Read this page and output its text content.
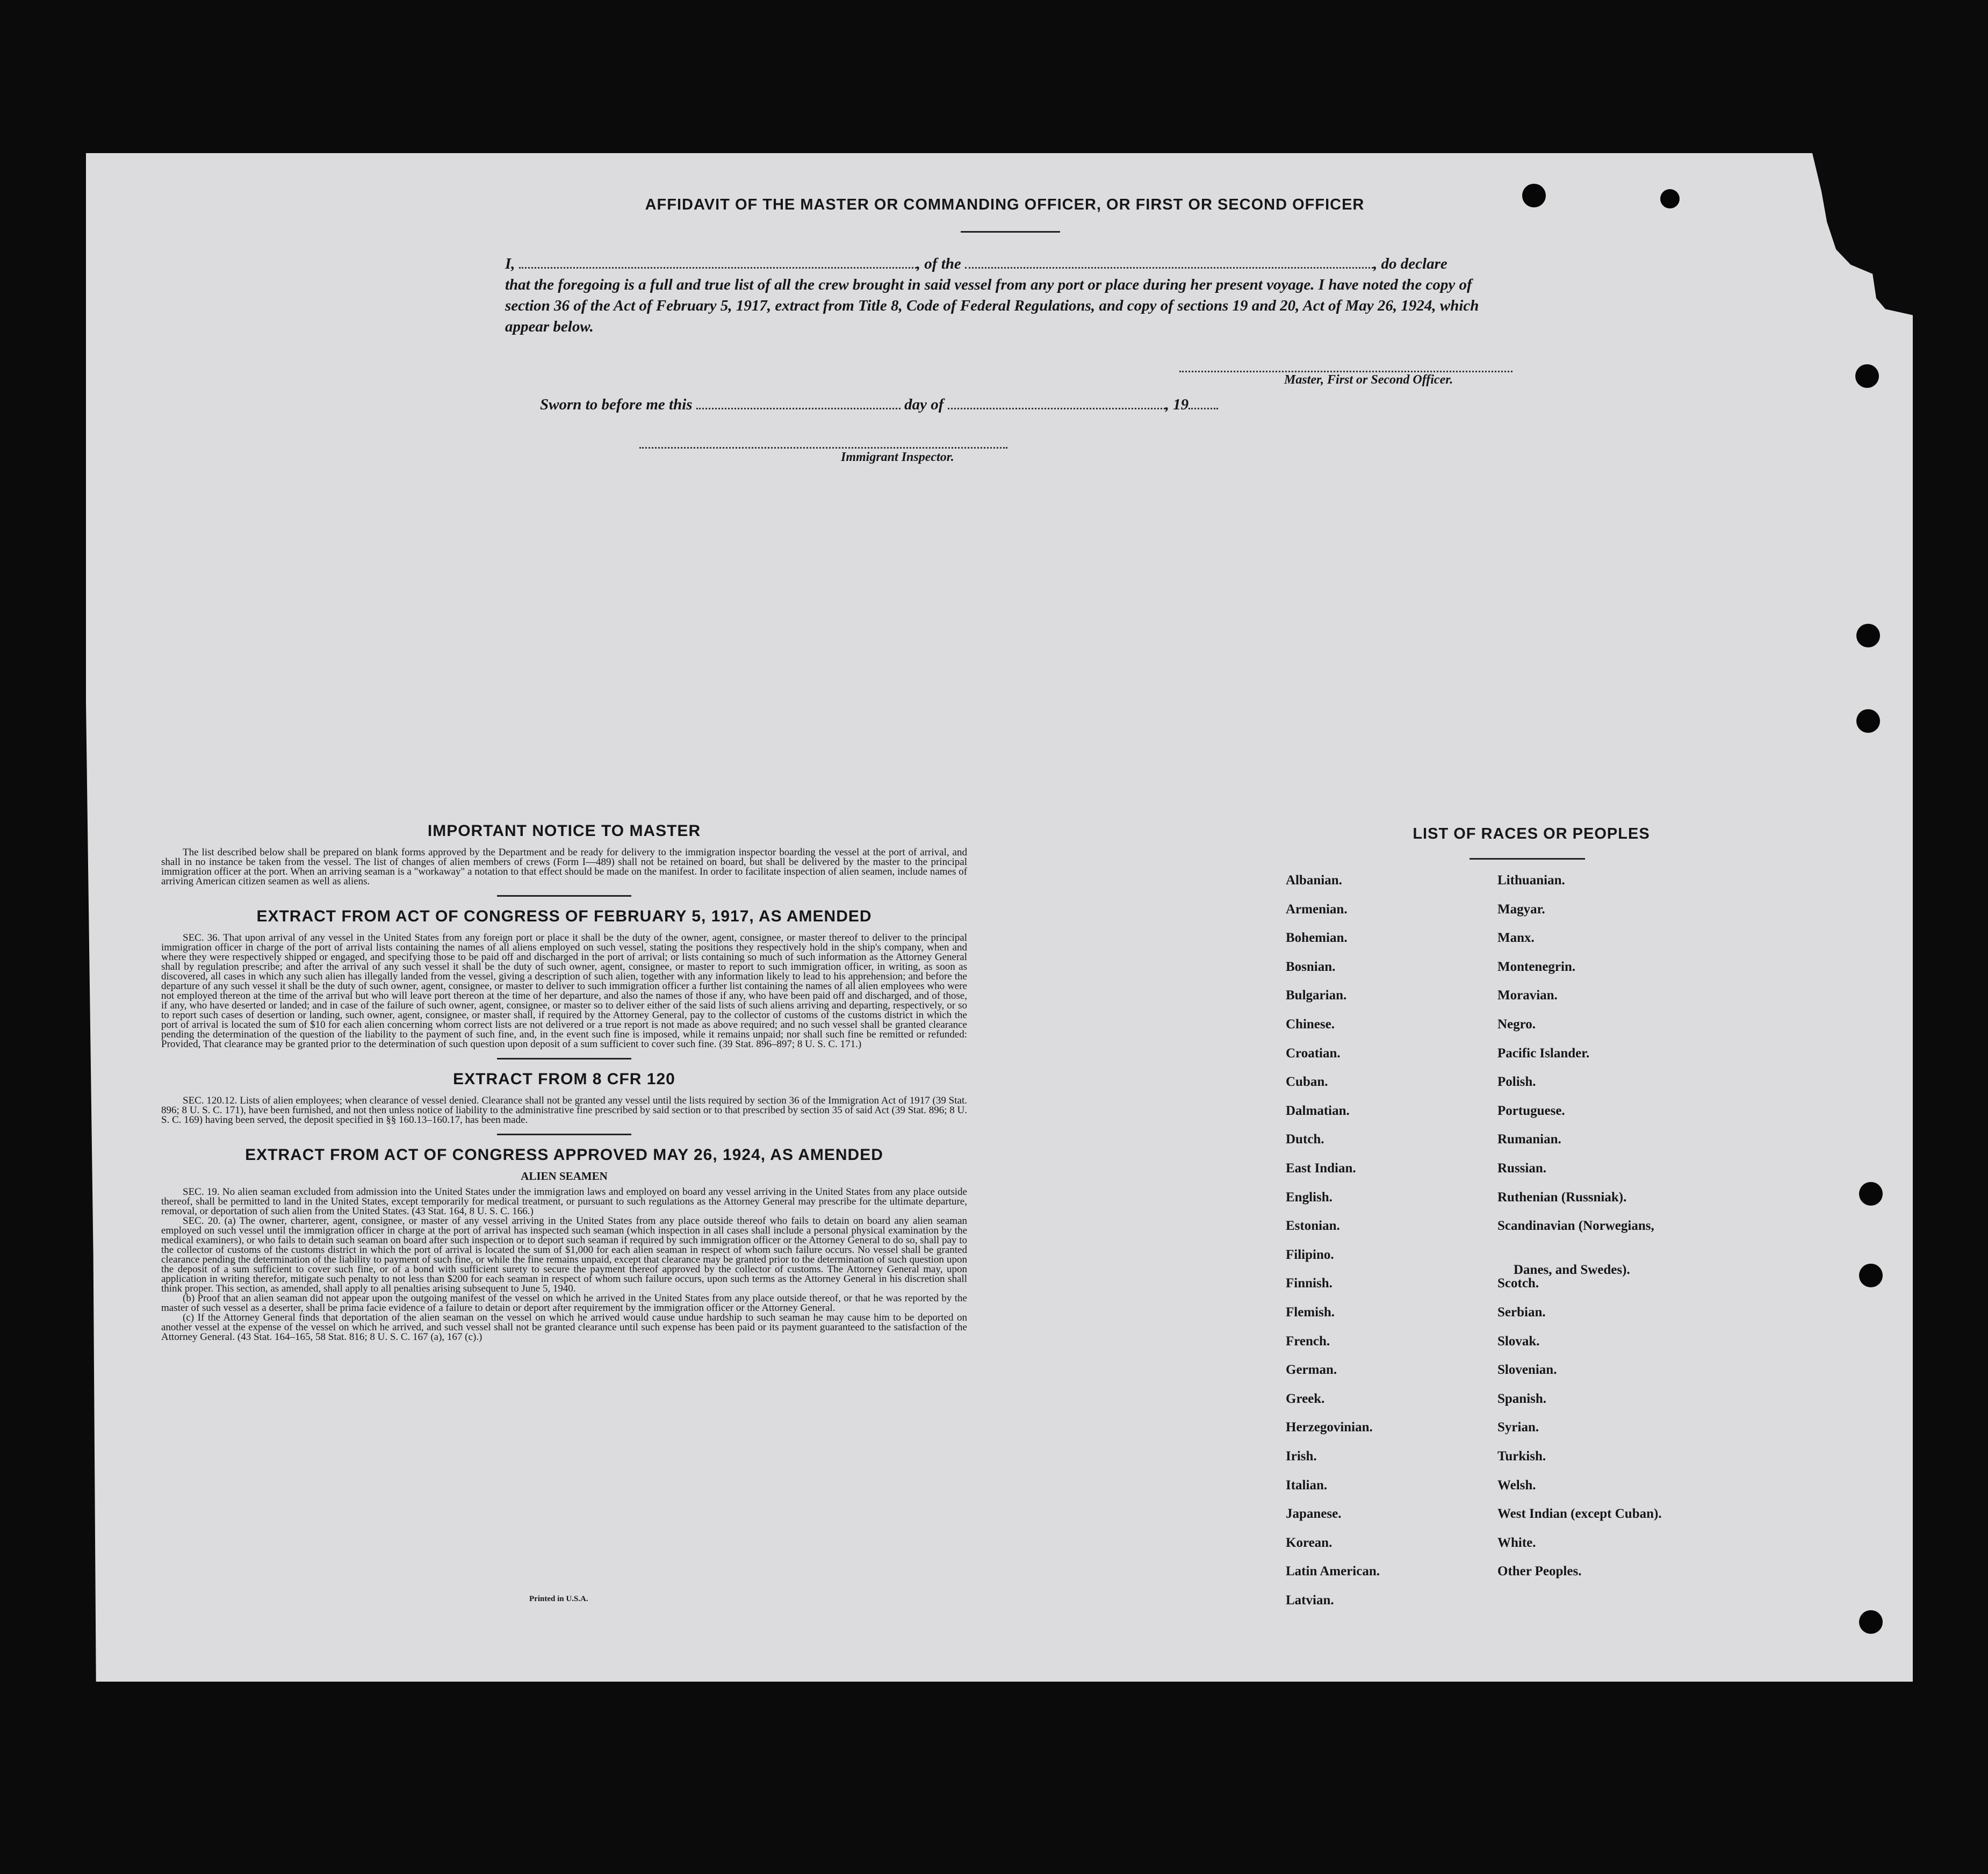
AFFIDAVIT OF THE MASTER OR COMMANDING OFFICER, OR FIRST OR SECOND OFFICER
I,	, of the	, do declare
that the foregoing is a full and true list of all the crew brought in said vessel from any port or place during her present voyage. I have noted the copy of section 36 of the Act of February 5, 1917, extract from Title 8, Code of Federal Regulations, and copy of sections 19 and 20, Act of May 26, 1924, which appear below.
Master, First or Second Officer.
Sworn to before me this	day of	, 19
Immigrant Inspector.
IMPORTANT NOTICE TO MASTER

The list described below shall be prepared on blank forms approved by the Department and be ready for delivery to the immigration inspector boarding the vessel at the port of arrival, and shall in no instance be taken from the vessel. The list of changes of alien members of crews (Form I—489) shall not be retained on board, but shall be delivered by the master to the principal immigration officer at the port. When an arriving seaman is a "workaway" a notation to that effect should be made on the manifest. In order to facilitate inspection of alien seamen, include names of arriving American citizen seamen as well as aliens.

EXTRACT FROM ACT OF CONGRESS OF FEBRUARY 5, 1917, AS AMENDED

SEC. 36. That upon arrival of any vessel in the United States from any foreign port or place it shall be the duty of the owner, agent, consignee, or master thereof to deliver to the principal immigration officer in charge of the port of arrival lists containing the names of all aliens employed on such vessel, stating the positions they respectively hold in the ship's company, when and where they were respectively shipped or engaged, and specifying those to be paid off and discharged in the port of arrival; or lists containing so much of such information as the Attorney General shall by regulation prescribe; and after the arrival of any such vessel it shall be the duty of such owner, agent, consignee, or master to report to such immigration officer, in writing, as soon as discovered, all cases in which any such alien has illegally landed from the vessel, giving a description of such alien, together with any information likely to lead to his apprehension; and before the departure of any such vessel it shall be the duty of such owner, agent, consignee, or master to deliver to such immigration officer a further list containing the names of all alien employees who were not employed thereon at the time of the arrival but who will leave port thereon at the time of her departure, and also the names of those if any, who have been paid off and discharged, and of those, if any, who have deserted or landed; and in case of the failure of such owner, agent, consignee, or master so to deliver either of the said lists of such aliens arriving and departing, respectively, or so to report such cases of desertion or landing, such owner, agent, consignee, or master shall, if required by the Attorney General, pay to the collector of customs of the customs district in which the port of arrival is located the sum of $10 for each alien concerning whom correct lists are not delivered or a true report is not made as above required; and no such vessel shall be granted clearance pending the determination of the question of the liability to the payment of such fine, and, in the event such fine is imposed, while it remains unpaid; nor shall such fine be remitted or refunded: Provided, That clearance may be granted prior to the determination of such question upon deposit of a sum sufficient to cover such fine. (39 Stat. 896–897; 8 U. S. C. 171.)

EXTRACT FROM 8 CFR 120

SEC. 120.12. Lists of alien employees; when clearance of vessel denied. Clearance shall not be granted any vessel until the lists required by section 36 of the Immigration Act of 1917 (39 Stat. 896; 8 U. S. C. 171), have been furnished, and not then unless notice of liability to the administrative fine prescribed by said section or to that prescribed by section 35 of said Act (39 Stat. 896; 8 U. S. C. 169) having been served, the deposit specified in §§ 160.13–160.17, has been made.

EXTRACT FROM ACT OF CONGRESS APPROVED MAY 26, 1924, AS AMENDED
ALIEN SEAMEN

SEC. 19. No alien seaman excluded from admission into the United States under the immigration laws and employed on board any vessel arriving in the United States from any place outside thereof, shall be permitted to land in the United States, except temporarily for medical treatment, or pursuant to such regulations as the Attorney General may prescribe for the ultimate departure, removal, or deportation of such alien from the United States. (43 Stat. 164, 8 U. S. C. 166.)

SEC. 20. (a) The owner, charterer, agent, consignee, or master of any vessel arriving in the United States from any place outside thereof who fails to detain on board any alien seaman employed on such vessel until the immigration officer in charge at the port of arrival has inspected such seaman (which inspection in all cases shall include a personal physical examination by the medical examiners), or who fails to detain such seaman on board after such inspection or to deport such seaman if required by such immigration officer or the Attorney General to do so, shall pay to the collector of customs of the customs district in which the port of arrival is located the sum of $1,000 for each alien seaman in respect of whom such failure occurs. No vessel shall be granted clearance pending the determination of the liability to payment of such fine, or while the fine remains unpaid, except that clearance may be granted prior to the determination of such question upon the deposit of a sum sufficient to cover such fine, or of a bond with sufficient surety to secure the payment thereof approved by the collector of customs. The Attorney General may, upon application in writing therefor, mitigate such penalty to not less than $200 for each seaman in respect of whom such failure occurs, upon such terms as the Attorney General in his discretion shall think proper. This section, as amended, shall apply to all penalties arising subsequent to June 5, 1940.

(b) Proof that an alien seaman did not appear upon the outgoing manifest of the vessel on which he arrived in the United States from any place outside thereof, or that he was reported by the master of such vessel as a deserter, shall be prima facie evidence of a failure to detain or deport after requirement by the immigration officer or the Attorney General.

(c) If the Attorney General finds that deportation of the alien seaman on the vessel on which he arrived would cause undue hardship to such seaman he may cause him to be deported on another vessel at the expense of the vessel on which he arrived, and such vessel shall not be granted clearance until such expense has been paid or its payment guaranteed to the satisfaction of the Attorney General. (43 Stat. 164–165, 58 Stat. 816; 8 U. S. C. 167 (a), 167 (c).)

Printed in U.S.A.
LIST OF RACES OR PEOPLES
Albanian.
Armenian.
Bohemian.
Bosnian.
Bulgarian.
Chinese.
Croatian.
Cuban.
Dalmatian.
Dutch.
East Indian.
English.
Estonian.
Filipino.
Finnish.
Flemish.
French.
German.
Greek.
Herzegovinian.
Irish.
Italian.
Japanese.
Korean.
Latin American.
Latvian.
Lithuanian.
Magyar.
Manx.
Montenegrin.
Moravian.
Negro.
Pacific Islander.
Polish.
Portuguese.
Rumanian.
Russian.
Ruthenian (Russniak).
Scandinavian (Norwegians,
Danes, and Swedes).
Scotch.
Serbian.
Slovak.
Slovenian.
Spanish.
Syrian.
Turkish.
Welsh.
West Indian (except Cuban).
White.
Other Peoples.
